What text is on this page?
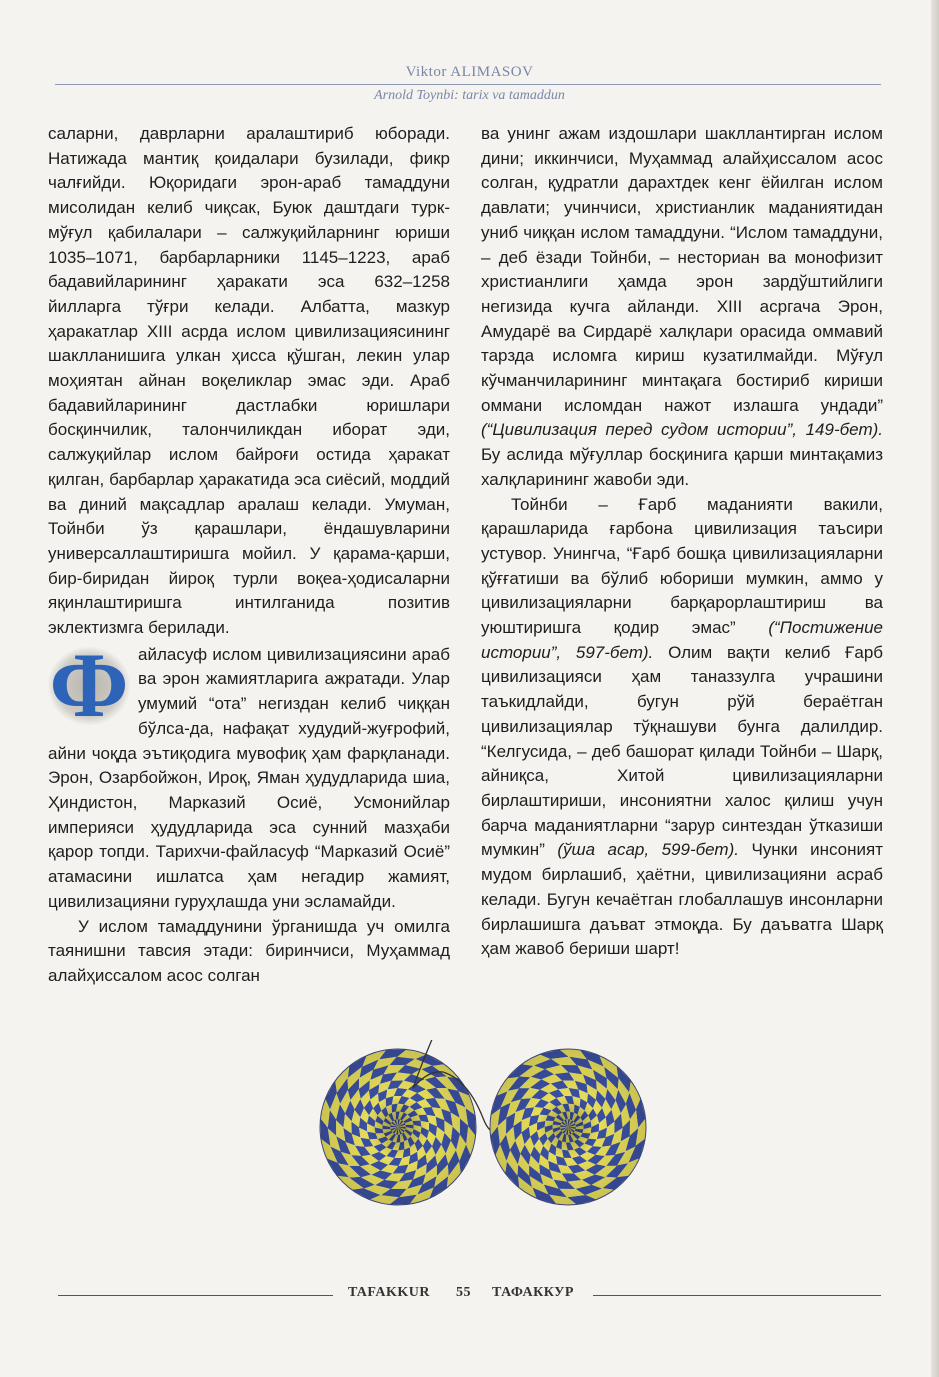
Viktor ALIMASOV
Arnold Toynbi: tarix va tamaddun

саларни, даврларни аралаштириб юборади. Натижада мантиқ қоидалари бузилади, фикр чалғийди. Юқоридаги эрон-араб тамаддуни мисолидан келиб чиқсак, Буюк даштдаги турк-мўғул қабилалари – салжуқийларнинг юриши 1035–1071, барбарларники 1145–1223, араб бадавийларининг ҳаракати эса 632–1258 йилларга тўғри келади. Албатта, мазкур ҳаракатлар XIII асрда ислом цивилизациясининг шаклланишига улкан ҳисса қўшган, лекин улар моҳиятан айнан воқеликлар эмас эди. Араб бадавийларининг дастлабки юришлари босқинчилик, талончиликдан иборат эди, салжуқийлар ислом байроғи остида ҳаракат қилган, барбарлар ҳаракатида эса сиёсий, моддий ва диний мақсадлар аралаш келади. Умуман, Тойнби ўз қарашлари, ёндашувларини универсаллаштиришга мойил. У қарама-қарши, бир-биридан йироқ турли воқеа-ҳодисаларни яқинлаштиришга интилганида позитив эклектизмга берилади.

Ф айласуф ислом цивилизациясини араб ва эрон жамиятларига ажратади. Улар умумий “ота” негиздан келиб чиққан бўлса-да, нафақат худудий-жуғрофий, айни чоқда эътиқодига мувофиқ ҳам фарқланади. Эрон, Озарбойжон, Ироқ, Яман ҳудудларида шиа, Ҳиндистон, Марказий Осиё, Усмонийлар империяси ҳудудларида эса сунний мазҳаби қарор топди. Тарихчи-файласуф “Марказий Осиё” атамасини ишлатса ҳам негадир жамият, цивилизацияни гуруҳлашда уни эсламайди.

У ислом тамаддунини ўрганишда уч омилга таянишни тавсия этади: биринчиси, Муҳаммад алайҳиссалом асос солган

ва унинг ажам издошлари шакллантирган ислом дини; иккинчиси, Муҳаммад алайҳиссалом асос солган, қудратли дарахтдек кенг ёйилган ислом давлати; учинчиси, христианлик маданиятидан униб чиққан ислом тамаддуни. “Ислом тамаддуни, – деб ёзади Тойнби, – несториан ва монофизит христианлиги ҳамда эрон зардўштийлиги негизида кучга айланди. XIII асргача Эрон, Амударё ва Сирдарё халқлари орасида оммавий тарзда исломга кириш кузатилмайди. Мўғул кўчманчиларининг минтақага бостириб кириши оммани исломдан нажот излашга ундади” (“Цивилизация перед судом истории”, 149-бет). Бу аслида мўғуллар босқинига қарши минтақамиз халқларининг жавоби эди.

Тойнби – Ғарб маданияти вакили, қарашларида ғарбона цивилизация таъсири устувор. Унингча, “Ғарб бошқа цивилизацияларни қўғғатиши ва бўлиб юбориши мумкин, аммо у цивилизацияларни барқарорлаштириш ва уюштиришга қодир эмас” (“Постижение истории”, 597-бет). Олим вақти келиб Ғарб цивилизацияси ҳам таназзулга учрашини таъкидлайди, бугун рўй бераётган цивилизациялар тўқнашуви бунга далилдир. “Келгусида, – деб башорат қилади Тойнби – Шарқ, айниқса, Хитой цивилизацияларни бирлаштириши, инсониятни халос қилиш учун барча маданиятларни “зарур синтездан ўтказиши мумкин” (ўша асар, 599-бет). Чунки инсоният мудом бирлашиб, ҳаётни, цивилизацияни асраб келади. Бугун кечаётган глобаллашув инсонларни бирлашишга даъват этмоқда. Бу даъватга Шарқ ҳам жавоб бериши шарт!

TAFAKKUR 55 ТАФАККУР
